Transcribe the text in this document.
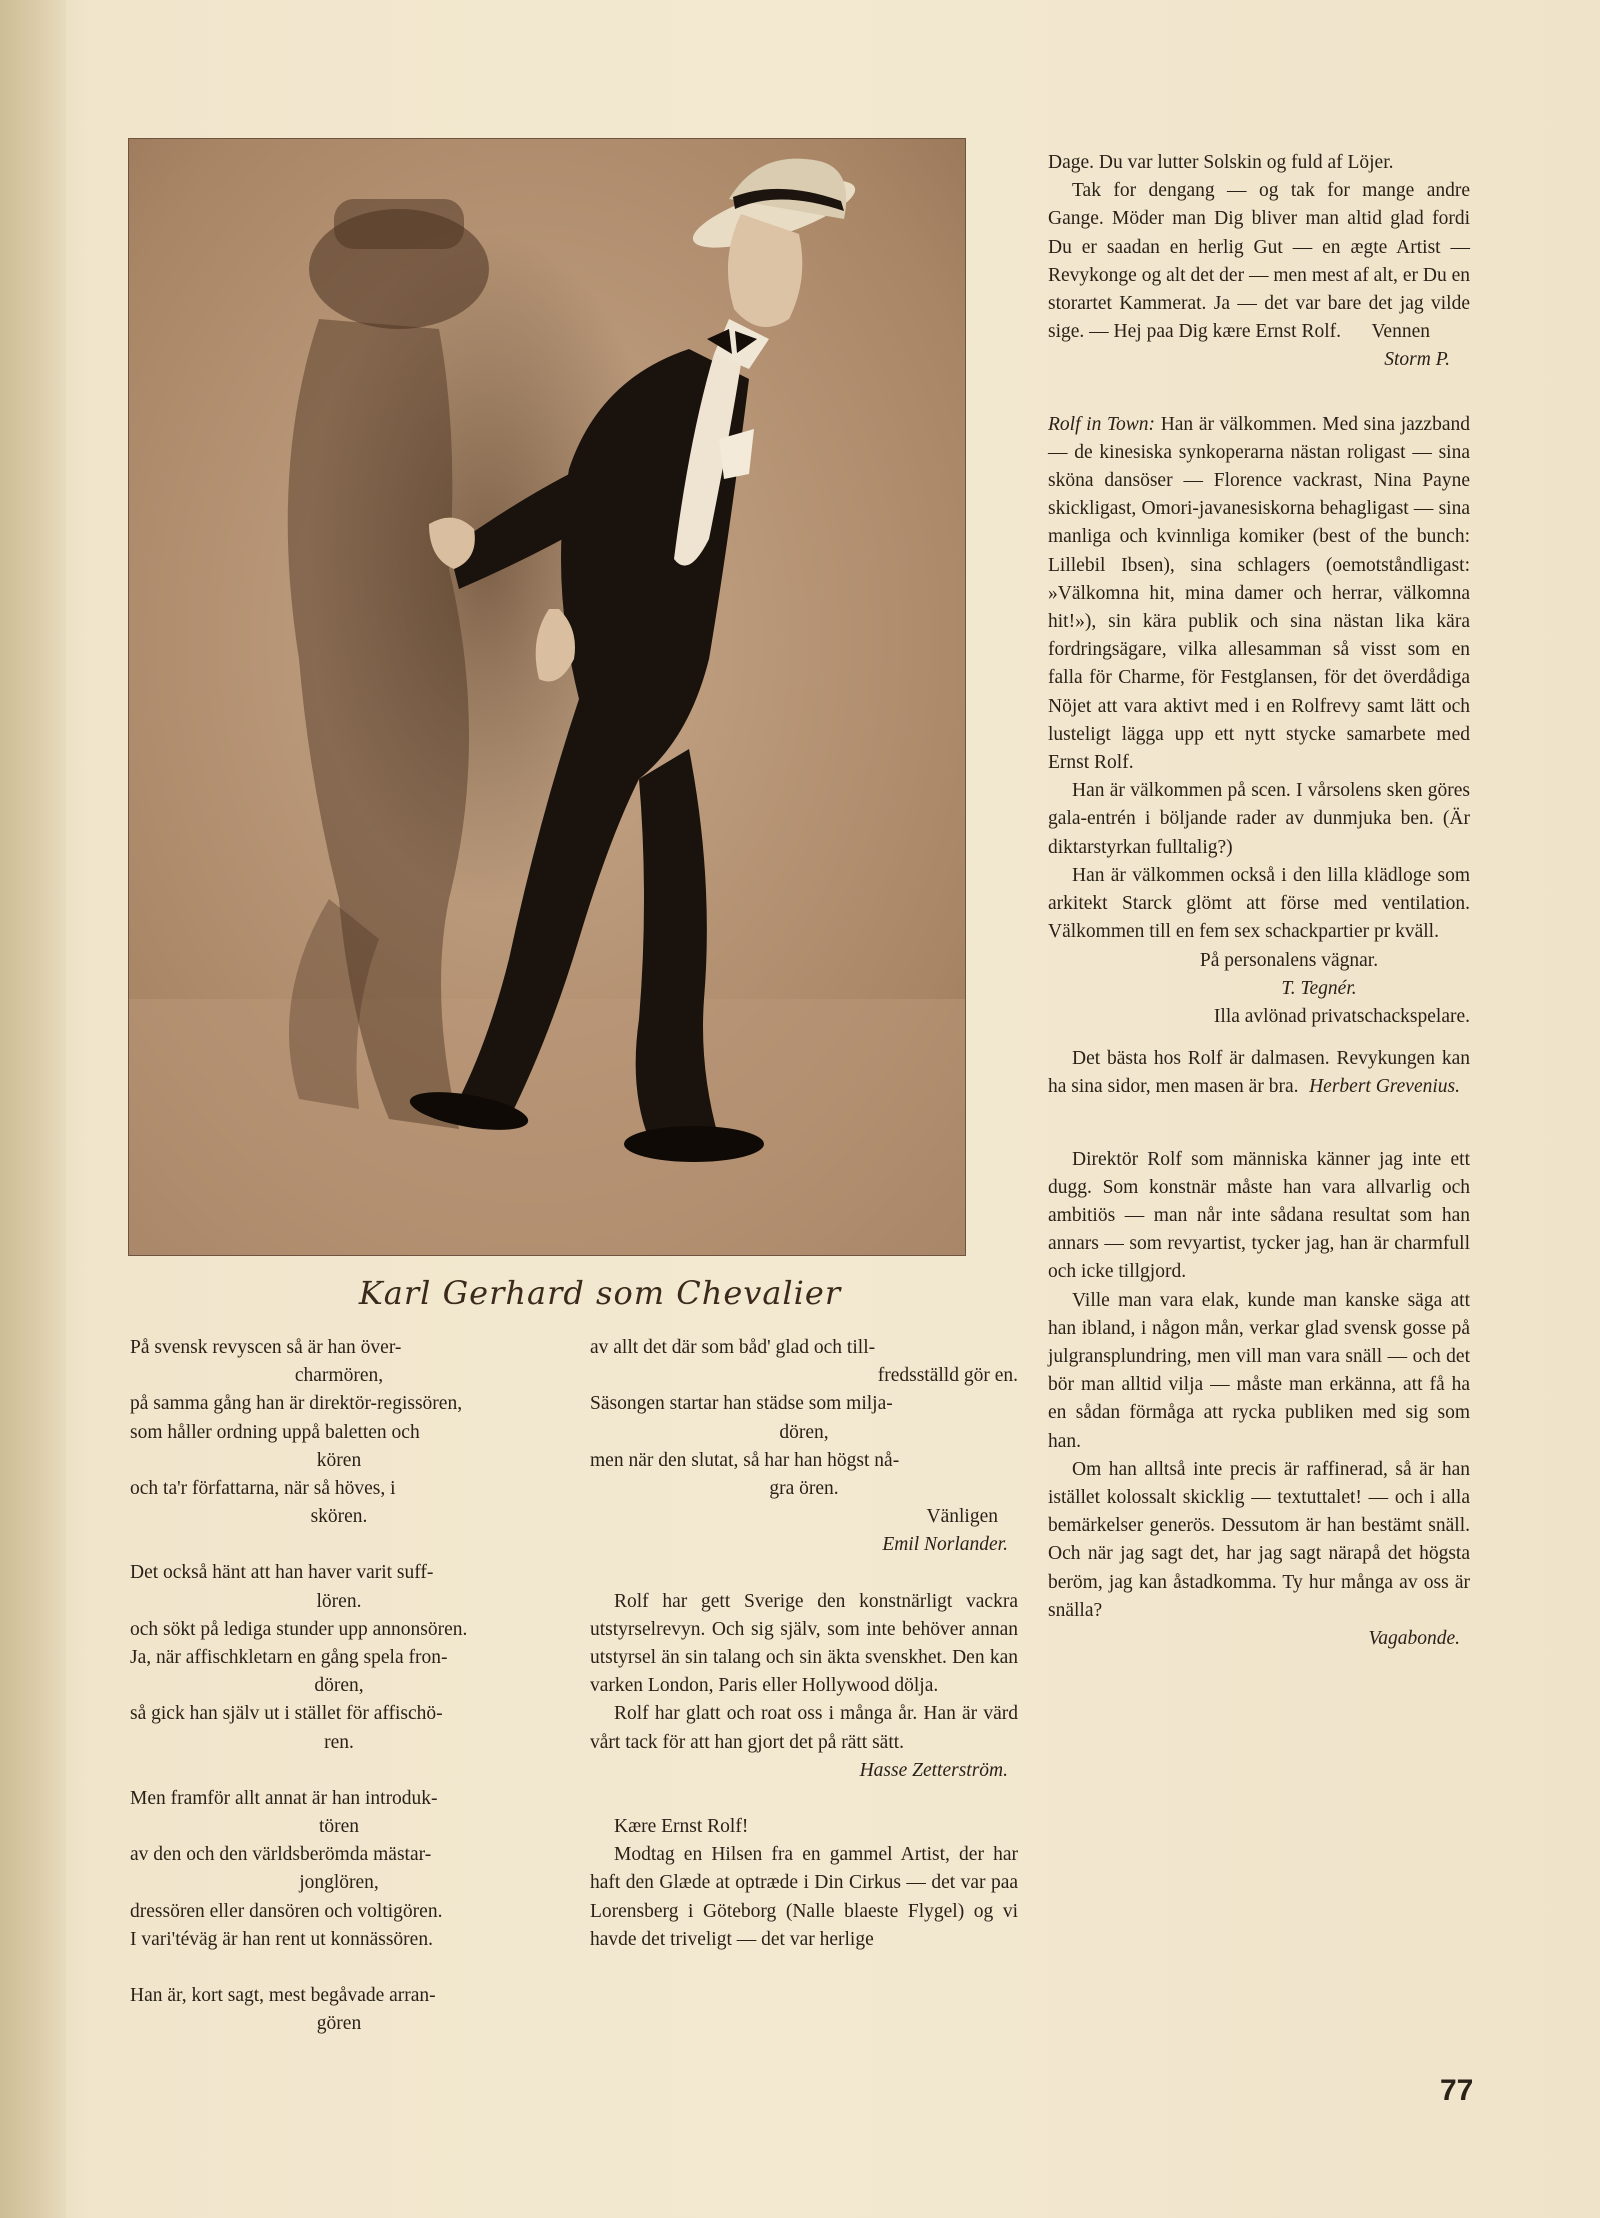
Karl Gerhard som Chevalier

På svensk revyscen så är han över-

charmören,

på samma gång han är direktör-regissören,

som håller ordning uppå baletten och

kören

och ta'r författarna, när så höves, i

skören.

Det också hänt att han haver varit suff-

lören.

och sökt på lediga stunder upp annonsören.

Ja, när affischkletarn en gång spela fron-

dören,

så gick han själv ut i stället för affischö-

ren.

Men framför allt annat är han introduk-

tören

av den och den världsberömda mästar-

jonglören,

dressören eller dansören och voltigören.

I vari'téväg är han rent ut konnässören.

Han är, kort sagt, mest begåvade arran-

gören

av allt det där som båd' glad och till-

fredsställd gör en.

Säsongen startar han städse som milja-

dören,

men när den slutat, så har han högst nå-

gra ören.

Vänligen

Emil Norlander.

Rolf har gett Sverige den konstnärligt vackra utstyrselrevyn. Och sig själv, som inte behöver annan utstyrsel än sin talang och sin äkta svenskhet. Den kan varken London, Paris eller Hollywood dölja.

Rolf har glatt och roat oss i många år. Han är värd vårt tack för att han gjort det på rätt sätt.

Hasse Zetterström.

Kære Ernst Rolf!

Modtag en Hilsen fra en gammel Artist, der har haft den Glæde at optræde i Din Cirkus — det var paa Lorensberg i Göteborg (Nalle blaeste Flygel) og vi havde det triveligt — det var herlige

Dage. Du var lutter Solskin og fuld af Löjer.

Tak for dengang — og tak for mange andre Gange. Möder man Dig bliver man altid glad fordi Du er saadan en herlig Gut — en ægte Artist — Revykonge og alt det der — men mest af alt, er Du en storartet Kammerat. Ja — det var bare det jag vilde sige. — Hej paa Dig kære Ernst Rolf.	Vennen

Storm P.

Rolf in Town: Han är välkommen. Med sina jazzband — de kinesiska synkoperarna nästan roligast — sina sköna dansöser — Florence vackrast, Nina Payne skickligast, Omori-javanesiskorna behagligast — sina manliga och kvinnliga komiker (best of the bunch: Lillebil Ibsen), sina schlagers (oemotståndligast: »Välkomna hit, mina damer och herrar, välkomna hit!»), sin kära publik och sina nästan lika kära fordringsägare, vilka allesamman så visst som en falla för Charme, för Festglansen, för det överdådiga Nöjet att vara aktivt med i en Rolfrevy samt lätt och lusteligt lägga upp ett nytt stycke samarbete med Ernst Rolf.

Han är välkommen på scen. I vårsolens sken göres gala-entrén i böljande rader av dunmjuka ben. (Är diktarstyrkan fulltalig?)

Han är välkommen också i den lilla klädloge som arkitekt Starck glömt att förse med ventilation. Välkommen till en fem sex schackpartier pr kväll.

På personalens vägnar.

T. Tegnér.

Illa avlönad privatschackspelare.

Det bästa hos Rolf är dalmasen. Revykungen kan ha sina sidor, men masen är bra. Herbert Grevenius.

Direktör Rolf som människa känner jag inte ett dugg. Som konstnär måste han vara allvarlig och ambitiös — man når inte sådana resultat som han annars — som revyartist, tycker jag, han är charmfull och icke tillgjord.

Ville man vara elak, kunde man kanske säga att han ibland, i någon mån, verkar glad svensk gosse på julgransplundring, men vill man vara snäll — och det bör man alltid vilja — måste man erkänna, att få ha en sådan förmåga att rycka publiken med sig som han.

Om han alltså inte precis är raffinerad, så är han istället kolossalt skicklig — textuttalet! — och i alla bemärkelser generös. Dessutom är han bestämt snäll. Och när jag sagt det, har jag sagt närapå det högsta beröm, jag kan åstadkomma. Ty hur många av oss är snälla?

Vagabonde.

77
